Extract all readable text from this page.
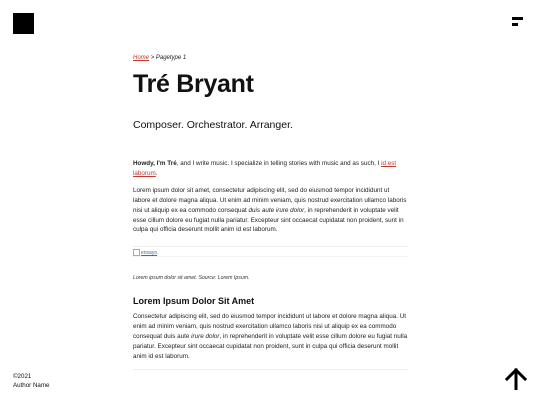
Home > Pagetype 1
Tré Bryant

Composer. Orchestrator. Arranger.

Howdy, I'm Tré, and I write music. I specialize in telling stories with music and as such, I id est laborum.

Lorem ipsum dolor sit amet, consectetur adipiscing elit, sed do eiusmod tempor incididunt ut labore et dolore magna aliqua. Ut enim ad minim veniam, quis nostrud exercitation ullamco laboris nisi ut aliquip ex ea commodo consequat duis aute irure dolor, in reprehenderit in voluptate velit esse cillum dolore eu fugiat nulla pariatur. Excepteur sint occaecat cupidatat non proident, sunt in culpa qui officia deserunt mollit anim id est laborum.

ensayo

Lorem ipsum dolor sit amet. Source: Lorem Ipsum.

Lorem Ipsum Dolor Sit Amet

Consectetur adipiscing elit, sed do eiusmod tempor incididunt ut labore et dolore magna aliqua. Ut enim ad minim veniam, quis nostrud exercitation ullamco laboris nisi ut aliquip ex ea commodo consequat duis aute irure dolor, in reprehenderit in voluptate velit esse cillum dolore eu fugiat nulla pariatur. Excepteur sint occaecat cupidatat non proident, sunt in culpa qui officia deserunt mollit anim id est laborum.

©2021
Author Name
